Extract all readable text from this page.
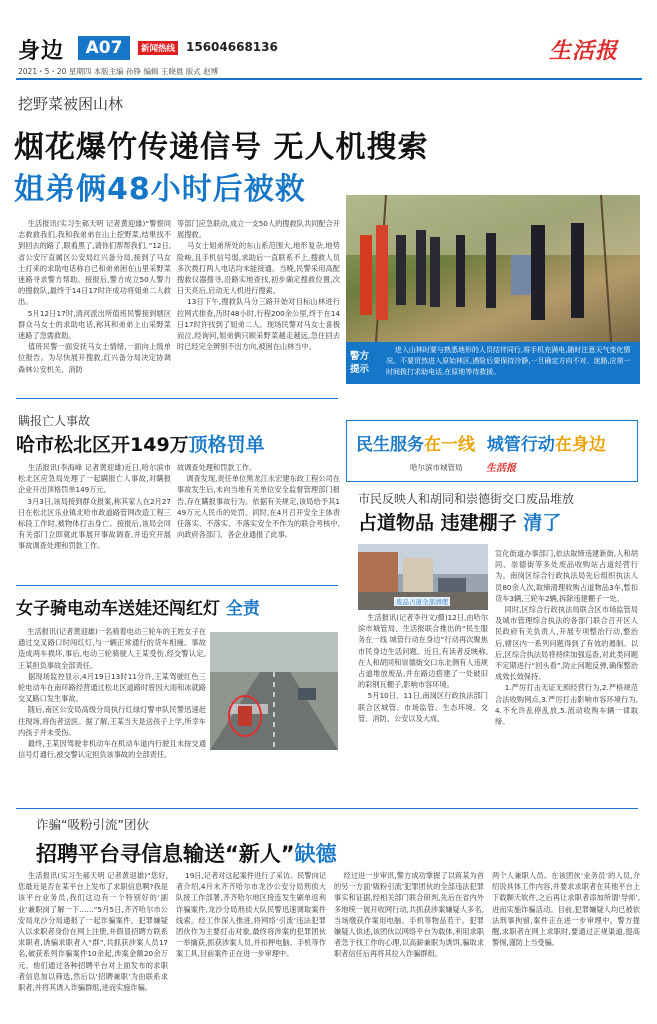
身边	A07	新闻热线 15604668136	生活报
2021・5・20 星期四 本版主编 孙铮 编辑 王晓晨 版式 赵博
挖野菜被困山林
烟花爆竹传递信号 无人机搜索
姐弟俩48小时后被救
生活报讯(实习生郝天明 记者黄迎雄)“警察同志救救我们,我和我弟弟在山上挖野菜,结果找不到回去的路了,眼看黑了,请你们帮帮我们。”12日,省公安厅直属区公安局红兴备分局,接到了马女士打来的求助电话称自己和弟弟困在山里采野菜迷路寻求警方帮助。接报后,警方成立50人警力的搜救队,最终于14日17时许成功将姐弟二人救出。
5月12日17时,清河派出所值班民警接到辖区群众马女士的求助电话,称其和弟弟上山采野菜迷路了急需救助。
值班民警一面安抚马女士情绪,一面向上级单位报告。为尽快展开搜救,红兴备分局决定协调森林公安机关、消防
等部门应急联动,成立一支50人的搜救队共同配合开展搜救。
马女士姐弟所处的东山系范围大,地形复杂,地势险峻,且手机信号弱,求助后一直联系不上,搜救人员多次拨打两人电话均未能接通。当晚,民警采用高配搜救仪器搜寻,沿路实地查找,初步确定搜救位置,次日天亮后,启动无人机进行搜索。
13日下午,搜救队马分三路开始对目标山林进行拉网式排查,历时48小时,行程200余公里,终于在14日17时许找到了姐弟二人。现场民警对马女士喜极而泣,经询问,姐弟俩只顾采野菜越走越远,急住回去时已经完全辨别不出方向,被困在山林当中。
警方
提示
进入山林时要与熟悉地形的人员结伴同行,将手机充满电,随时注意天气变化情况。不要贸然进入原始林区,遇险后要保持冷静,一旦确定方向不对、迷路,应第一时间拨打求助电话,在原地等待救援。
瞒报亡人事故
哈市松北区开149万顶格罚单
生活报讯(李海峰 记者黄迎雄)近日,哈尔滨市松北区应急局处理了一起瞒报亡人事故,对瞒报企业开出顶格罚单149万元。
3月3日,该局接到群众报案,称其家人在2月27日在松北区乐业镇北哈市政道路管网改造工程三标段工作时,被物体打击身亡。接报后,该局会同有关部门立即就此事展开事故调查,并追究开展事故调查处理和罚款工作。
故调查处理和罚款工作。
调查发现,责任单位黑龙江永宏建东政工程公司在事故发生后,未向当地有关单位安全监督管理部门报告,存在瞒报事故行为。依据有关规定,该局给予其149万元人民币的处罚。同时,在4月召开安全主体责任落实、不落实、不落实安全不作为的联合考核中,向政府各部门、各企业通报了此事。
女子骑电动车送娃还闯红灯 全责
生活报讯(记者黄迎雄)一名骑着电动三轮车的王姓女子在通过交叉路口时闯红灯,与一辆正常通行的货车相撞。事故造成两车损坏,事后,电动三轮骑驶人王某受伤,经交警认定,王某担负事故全部责任。
据现场监控显示,4月19日13时11分许,王某驾驶红色三轮电动车在南环路经营通过松北区道路时曾因大雨和冰就路交叉路口发生事故。
随后,南区公安局高级分局执行红绿灯警申队民警迅速赶往现场,将伤者送医。据了解,王某当天是送孩子上学,所幸车内孩子并未受伤。
最终,王某因驾驶非机动车在机动车道内行驶且未按交通信号灯通行,被交警认定担负该事故的全部责任。
民生服务在一线 城管行动在身边
哈尔滨市城管局 生活报
市民反映人和胡同和崇德街交口废品堆放
占道物品 违建棚子 清了
废品占道全部清理
生活报讯(记者李丹文/摄)12日,由哈尔滨市城管局、生活报联合推出的“民生服务在一线 城管行动在身边”行动再次聚焦市民身边生活问题。近日,有读者反映称,在人和胡同和崇德街交口东北侧有人违规占道堆放废品,并在路边搭建了一处破旧的彩钢瓦棚子,影响市容环境。
5月10日、11日,南岗区行政执法部门联合区城管、市场监管、生态环境、交管、消防、公安以及大成、
宣化街道办事部门,依法取缔违建新街,人和胡同、崇德街等多处废品收购站占道经营行为。南岗区综合行政执法局先后组织执法人员80余人次,取缔清理收购占道物品3车,暂扣货车3辆,三轮车2辆,拆除违建棚子一处。
同时,区综合行政执法局联合区市场监管局及城市管理综合执法的各部门联合召开区人民政府有关负责人,开展专项整治行动,整治后,辖区内一系列问题得到了有效的遏制。以后,区综合执法局将持续加强巡查,对此类问题不定期进行“回头看”,防止问题反弹,确保整治成效长效保持。
1.严厉打击无证无照经营行为,2.严格规范合法收购网点,3.严厉打击影响市容环境行为,4.不允许乱停乱放,5.流动收购车辆一律取缔。
诈骗“吸粉引流”团伙
招聘平台寻信息输送“新人”缺德
生活报讯(实习生郝天明 记者黄迎雄)“您好,您最近是否在某平台上发布了求职信息啊?我是该平台业务员,我们这边有一个特别好的‘副业’兼职岗了解一下……”5月5日,齐齐哈尔市公安局龙沙分局通报了一起诈骗案件。犯罪嫌疑人以求职者身份在网上注册,并假冒招聘方联系求职者,诱骗求职者入“群”,共抓获涉案人员17名,破获系列诈骗案件10余起,涉案金额20余万元。他们通过各种招聘平台对上面发布的求职者信息加以筛选,然后以‘招聘兼职’为由联系求职者,并将其诱入诈骗群组,进而实施诈骗。
19日,记者对这起案件进行了采访。民警向记者介绍,4月末齐齐哈尔市龙沙公安分局刑侦大队接工作部署,齐齐哈尔地区接连发生刷单返利诈骗案件,龙沙分局刑侦大队民警迅速调取案件线索。经工作深入推进,将网络‘引流’违法犯罪团伙作为主要打击对象,最终将涉案的犯罪团伙一举擒获,抓获涉案人员,并扣押电脑、手机等作案工具,目前案件正在进一步审理中。
经过进一步审讯,警方成功掌握了以蒋某为首的另一方面‘吸粉引流’犯罪团伙的全部违法犯罪事实和证据,经相关部门联合研判,先后在省内外多地统一展开收网行动,共抓获涉案嫌疑人多名,当场缴获作案用电脑、手机等物品若干。犯罪嫌疑人供述,该团伙以网络平台为载体,利用求职者急于找工作的心理,以高薪兼职为诱饵,骗取求职者信任后再将其拉入诈骗群组。
两个人兼职人员。在该团伙‘业务员’的人员,介绍说具体工作内容,并要求求职者在其他平台上下载聊天软件,之后再让求职者添加所谓‘导师’,进而实施诈骗活动。目前,犯罪嫌疑人均已被依法刑事拘留,案件正在进一步审理中。警方提醒,求职者在网上求职时,要通过正规渠道,提高警惕,谨防上当受骗。
